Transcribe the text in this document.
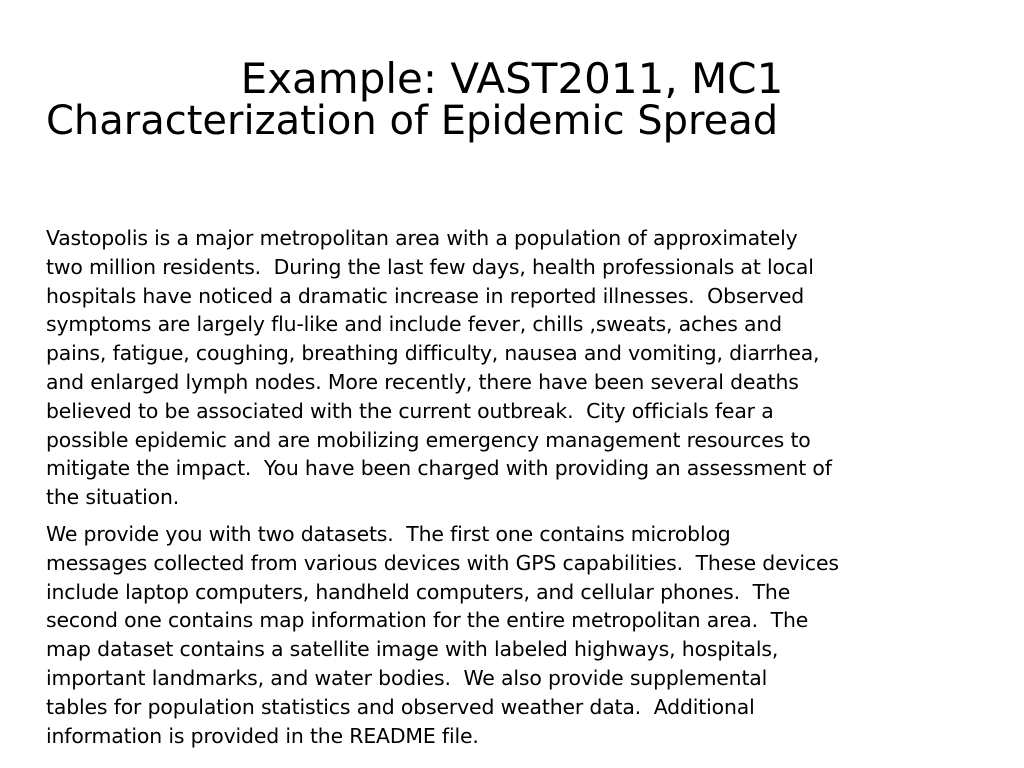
Example: VAST2011, MC1
Characterization of Epidemic Spread

Vastopolis is a major metropolitan area with a population of approximately
two million residents.  During the last few days, health professionals at local
hospitals have noticed a dramatic increase in reported illnesses.  Observed
symptoms are largely flu-like and include fever, chills ,sweats, aches and
pains, fatigue, coughing, breathing difficulty, nausea and vomiting, diarrhea,
and enlarged lymph nodes. More recently, there have been several deaths
believed to be associated with the current outbreak.  City officials fear a
possible epidemic and are mobilizing emergency management resources to
mitigate the impact.  You have been charged with providing an assessment of
the situation.

We provide you with two datasets.  The first one contains microblog
messages collected from various devices with GPS capabilities.  These devices
include laptop computers, handheld computers, and cellular phones.  The
second one contains map information for the entire metropolitan area.  The
map dataset contains a satellite image with labeled highways, hospitals,
important landmarks, and water bodies.  We also provide supplemental
tables for population statistics and observed weather data.  Additional
information is provided in the README file.
